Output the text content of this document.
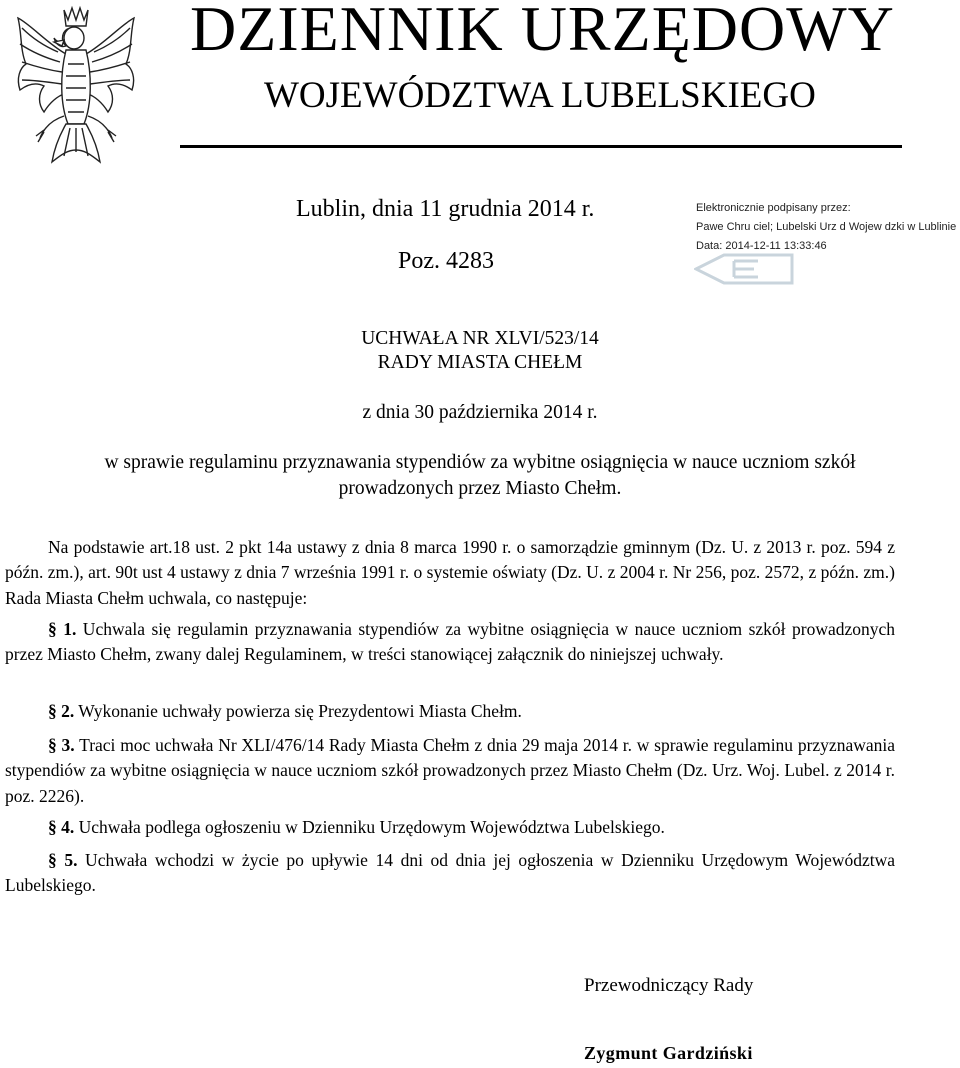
DZIENNIK URZĘDOWY
WOJEWÓDZTWA LUBELSKIEGO
Lublin, dnia 11 grudnia 2014 r.
Poz. 4283
Elektronicznie podpisany przez:
Pawe Chru ciel; Lubelski Urz d Wojew dzki w Lublinie
Data: 2014-12-11 13:33:46
UCHWAŁA NR XLVI/523/14
RADY MIASTA CHEŁM
z dnia 30 października 2014 r.
w sprawie regulaminu przyznawania stypendiów za wybitne osiągnięcia w nauce uczniom szkół
prowadzonych przez Miasto Chełm.
Na podstawie art.18 ust. 2 pkt 14a ustawy z dnia 8 marca 1990 r. o samorządzie gminnym (Dz. U. z 2013 r. poz. 594 z późn. zm.), art. 90t ust 4 ustawy z dnia 7 września 1991 r. o systemie oświaty (Dz. U. z 2004 r. Nr 256, poz. 2572, z późn. zm.) Rada Miasta Chełm uchwala, co następuje:
§ 1. Uchwala się regulamin przyznawania stypendiów za wybitne osiągnięcia w nauce uczniom szkół prowadzonych przez Miasto Chełm, zwany dalej Regulaminem, w treści stanowiącej załącznik do niniejszej uchwały.
§ 2. Wykonanie uchwały powierza się Prezydentowi Miasta Chełm.
§ 3. Traci moc uchwała Nr XLI/476/14 Rady Miasta Chełm z dnia 29 maja 2014 r. w sprawie regulaminu przyznawania stypendiów za wybitne osiągnięcia w nauce uczniom szkół prowadzonych przez Miasto Chełm (Dz. Urz. Woj. Lubel. z 2014 r. poz. 2226).
§ 4. Uchwała podlega ogłoszeniu w Dzienniku Urzędowym Województwa Lubelskiego.
§ 5. Uchwała wchodzi w życie po upływie 14 dni od dnia jej ogłoszenia w Dzienniku Urzędowym Województwa Lubelskiego.
Przewodniczący Rady
Zygmunt Gardziński
